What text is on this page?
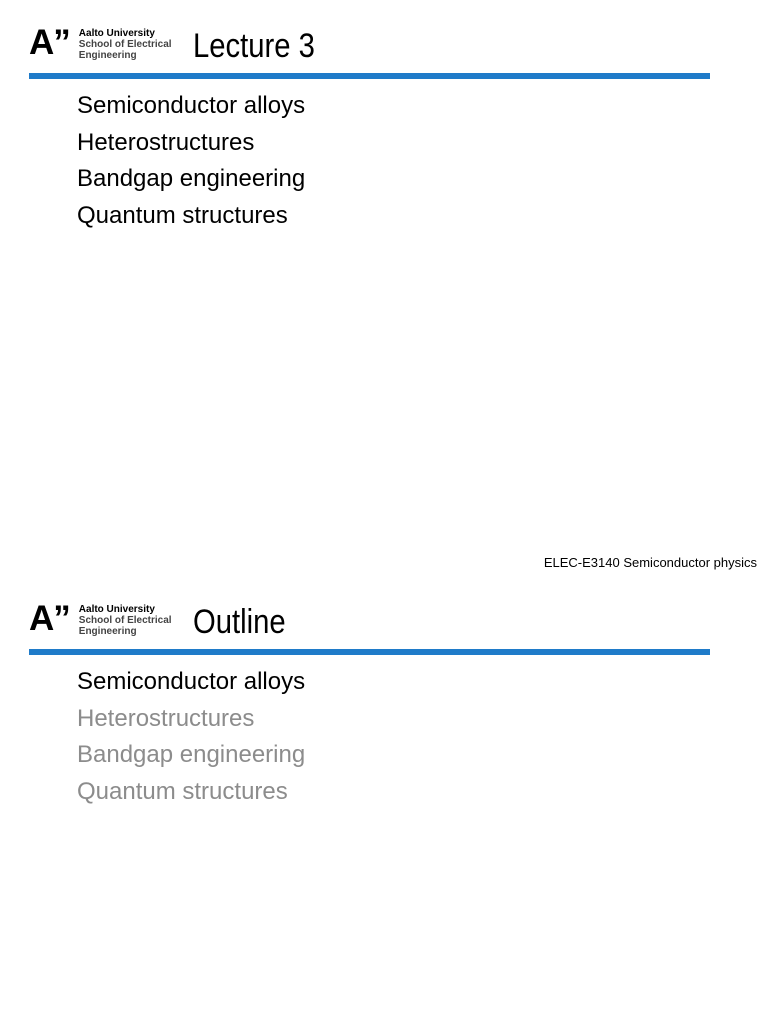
A” Aalto University
School of Electrical
Engineering	Lecture 3
Semiconductor alloys
Heterostructures
Bandgap engineering
Quantum structures
ELEC-E3140 Semiconductor physics
A” Aalto University
School of Electrical
Engineering	Outline
Semiconductor alloys
Heterostructures
Bandgap engineering
Quantum structures
